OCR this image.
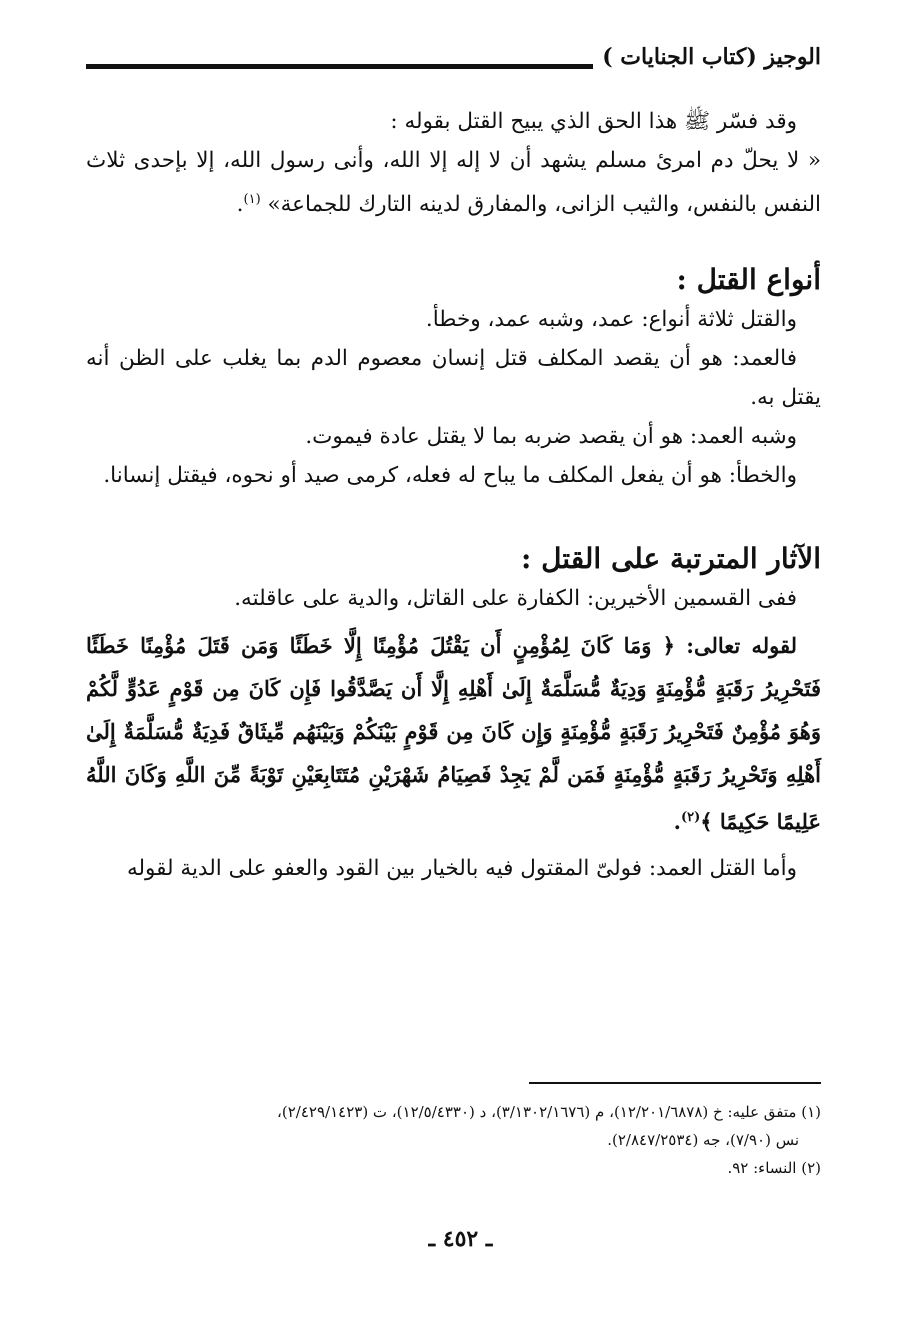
الوجيز (كتاب الجنايات )

وقد فسّر ﷺ هذا الحق الذي يبيح القتل بقوله :

« لا يحلّ دم امرئ مسلم يشهد أن لا إله إلا الله، وأنى رسول الله، إلا بإحدى ثلاث النفس بالنفس، والثيب الزانى، والمفارق لدينه التارك للجماعة» $^{(١)}$.

أنواع القتل :

والقتل ثلاثة أنواع: عمد، وشبه عمد، وخطأ.

فالعمد: هو أن يقصد المكلف قتل إنسان معصوم الدم بما يغلب على الظن أنه يقتل به.

وشبه العمد: هو أن يقصد ضربه بما لا يقتل عادة فيموت.

والخطأ: هو أن يفعل المكلف ما يباح له فعله، كرمى صيد أو نحوه، فيقتل إنسانا.

الآثار المترتبة على القتل :

ففى القسمين الأخيرين: الكفارة على القاتل، والدية على عاقلته.

لقوله تعالى: ﴿ وَمَا كَانَ لِمُؤْمِنٍ أَن يَقْتُلَ مُؤْمِنًا إِلَّا خَطَئًا وَمَن قَتَلَ مُؤْمِنًا خَطَئًا فَتَحْرِيرُ رَقَبَةٍ مُّؤْمِنَةٍ وَدِيَةٌ مُّسَلَّمَةٌ إِلَىٰ أَهْلِهِ إِلَّا أَن يَصَّدَّقُوا فَإِن كَانَ مِن قَوْمٍ عَدُوٍّ لَّكُمْ وَهُوَ مُؤْمِنٌ فَتَحْرِيرُ رَقَبَةٍ مُّؤْمِنَةٍ وَإِن كَانَ مِن قَوْمٍ بَيْنَكُمْ وَبَيْنَهُم مِّيثَاقٌ فَدِيَةٌ مُّسَلَّمَةٌ إِلَىٰ أَهْلِهِ وَتَحْرِيرُ رَقَبَةٍ مُّؤْمِنَةٍ فَمَن لَّمْ يَجِدْ فَصِيَامُ شَهْرَيْنِ مُتَتَابِعَيْنِ تَوْبَةً مِّنَ اللَّهِ وَكَانَ اللَّهُ عَلِيمًا حَكِيمًا ﴾$^{(٢)}$.

وأما القتل العمد: فولىّ المقتول فيه بالخيار بين القود والعفو على الدية لقوله

(١) متفق عليه: خ (١٢/٢٠١/٦٨٧٨)، م (٣/١٣٠٢/١٦٧٦)، د (١٢/٥/٤٣٣٠)، ت (٢/٤٢٩/١٤٢٣)،

نس (٧/٩٠)، جه (٢/٨٤٧/٢٥٣٤).

(٢) النساء: ٩٢.

ـ ٤٥٢ ـ
